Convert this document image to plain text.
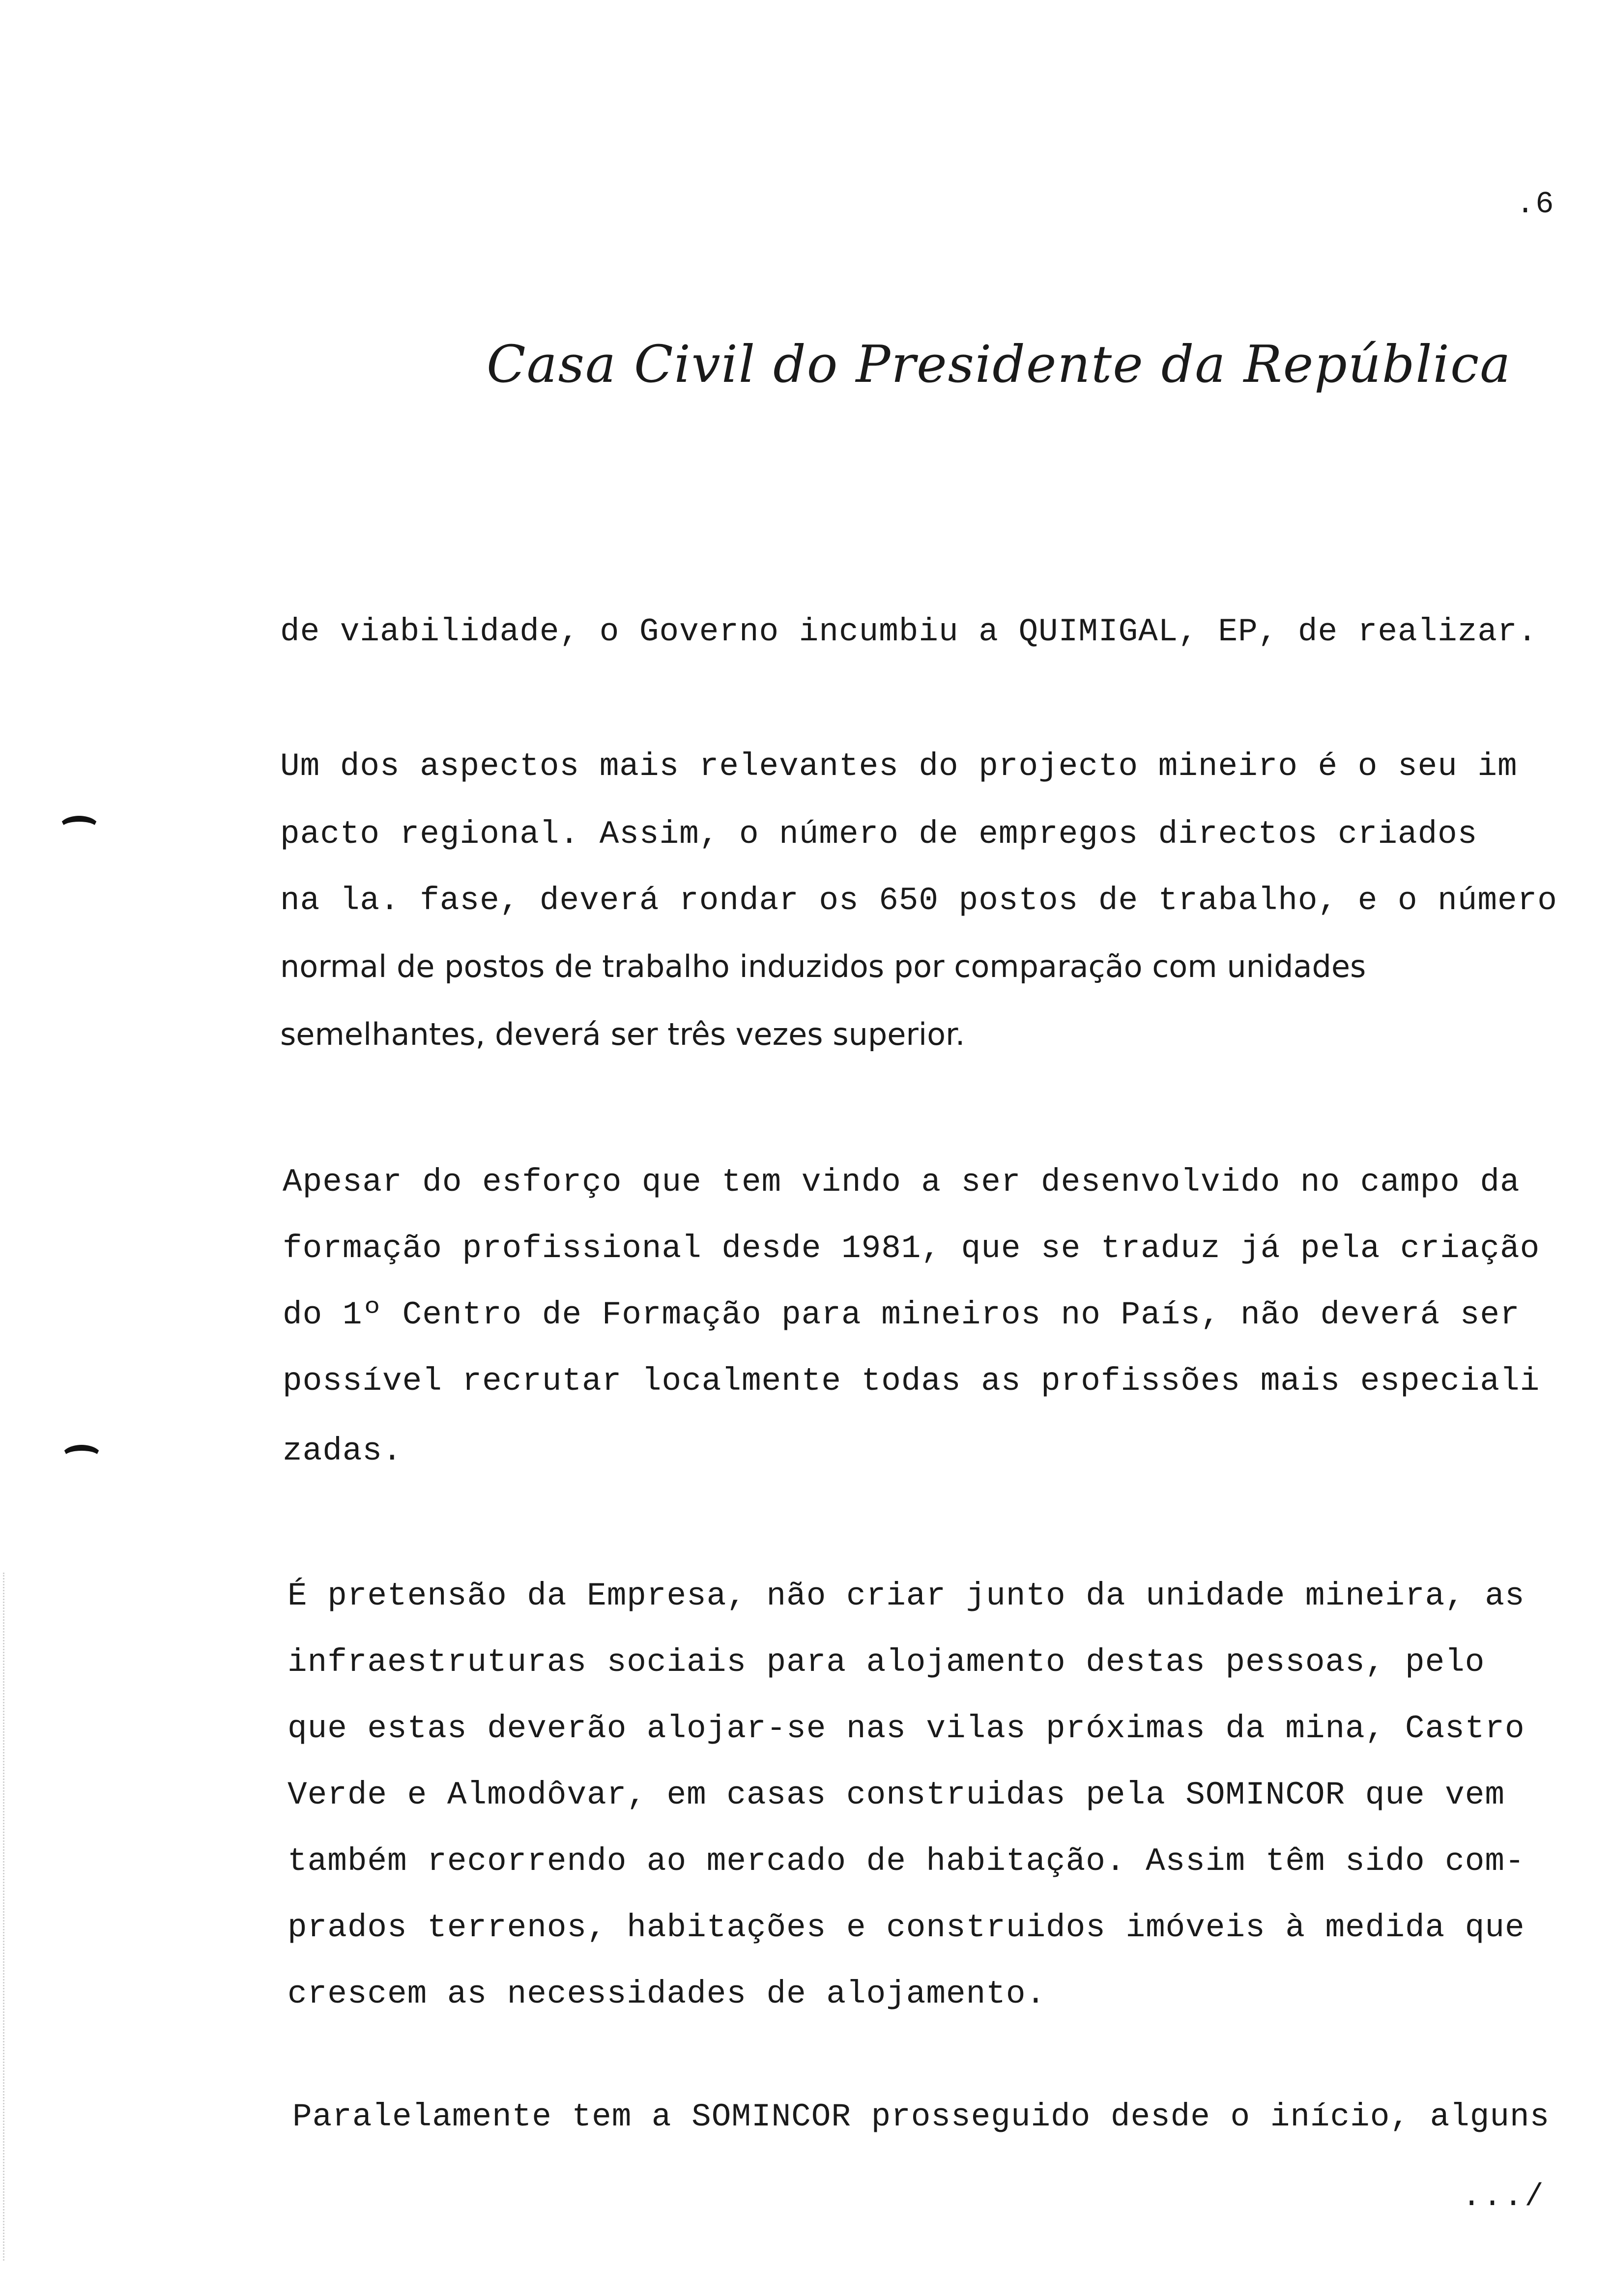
.6
Casa Civil do Presidente da República
de viabilidade, o Governo incumbiu a QUIMIGAL, EP, de realizar.
Um dos aspectos mais relevantes do projecto mineiro é o seu im
pacto regional. Assim, o número de empregos directos criados
na la. fase, deverá rondar os 650 postos de trabalho, e o número
normal de postos de trabalho induzidos por comparação com unidades
semelhantes, deverá ser três vezes superior.
Apesar do esforço que tem vindo a ser desenvolvido no campo da
formação profissional desde 1981, que se traduz já pela criação
do 1º Centro de Formação para mineiros no País, não deverá ser
possível recrutar localmente todas as profissões mais especiali
zadas.
É pretensão da Empresa, não criar junto da unidade mineira, as
infraestruturas sociais para alojamento destas pessoas, pelo
que estas deverão alojar-se nas vilas próximas da mina, Castro
Verde e Almodôvar, em casas construidas pela SOMINCOR que vem
também recorrendo ao mercado de habitação. Assim têm sido com-
prados terrenos, habitações e construidos imóveis à medida que
crescem as necessidades de alojamento.
Paralelamente tem a SOMINCOR prosseguido desde o início, alguns
.../
